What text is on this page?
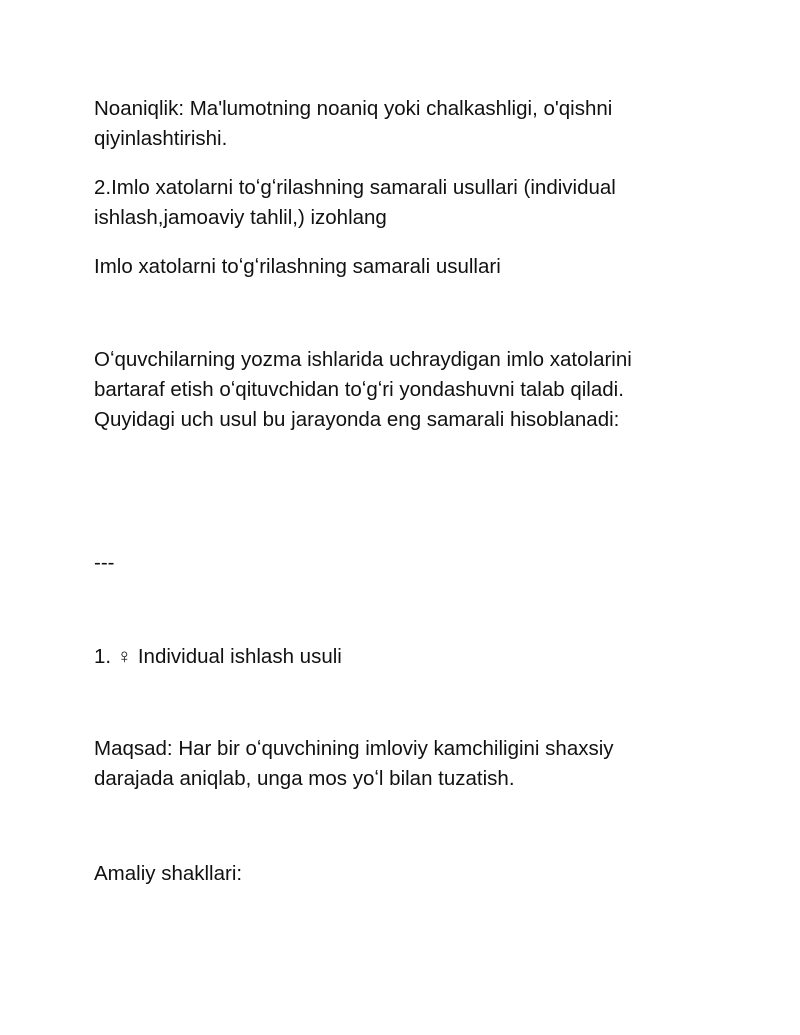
Noaniqlik: Ma'lumotning noaniq yoki chalkashligi, o'qishni qiyinlashtirishi.

2.Imlo xatolarni toʻgʻrilashning samarali usullari (individual ishlash,jamoaviy tahlil,) izohlang

Imlo xatolarni toʻgʻrilashning samarali usullari

Oʻquvchilarning yozma ishlarida uchraydigan imlo xatolarini bartaraf etish oʻqituvchidan toʻgʻri yondashuvni talab qiladi. Quyidagi uch usul bu jarayonda eng samarali hisoblanadi:

---

1. ♀ Individual ishlash usuli

Maqsad: Har bir oʻquvchining imloviy kamchiligini shaxsiy darajada aniqlab, unga mos yoʻl bilan tuzatish.

Amaliy shakllari:
